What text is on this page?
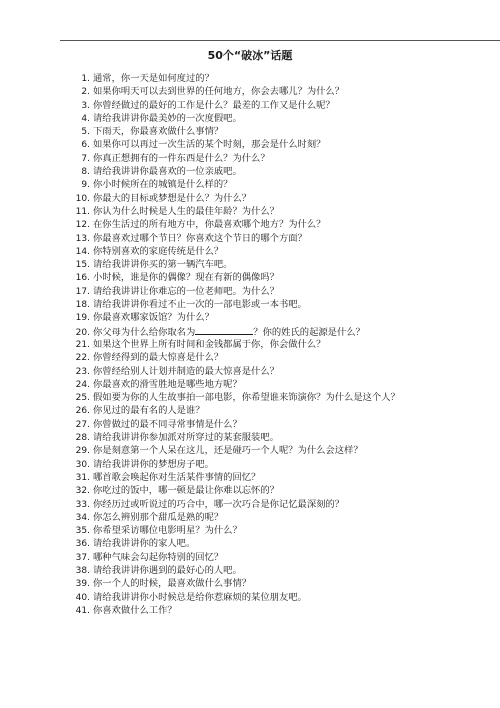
50个“破冰”话题
1. 通常，你一天是如何度过的？
2. 如果你明天可以去到世界的任何地方，你会去哪儿？为什么？
3. 你曾经做过的最好的工作是什么？最差的工作又是什么呢？
4. 请给我讲讲你最美妙的一次度假吧。
5. 下雨天，你最喜欢做什么事情？
6. 如果你可以再过一次生活的某个时刻，那会是什么时刻？
7. 你真正想拥有的一件东西是什么？为什么？
8. 请给我讲讲你最喜欢的一位亲戚吧。
9. 你小时候所在的城镇是什么样的？
10. 你最大的目标或梦想是什么？为什么？
11. 你认为什么时候是人生的最佳年龄？为什么？
12. 在你生活过的所有地方中，你最喜欢哪个地方？为什么？
13. 你最喜欢过哪个节日？你喜欢这个节日的哪个方面？
14. 你特别喜欢的家庭传统是什么？
15. 请给我讲讲你买的第一辆汽车吧。
16. 小时候，谁是你的偶像？现在有新的偶像吗？
17. 请给我讲讲让你难忘的一位老师吧。为什么？
18. 请给我讲讲你看过不止一次的一部电影或一本书吧。
19. 你最喜欢哪家饭馆？为什么？
20. 你父母为什么给你取名为	？你的姓氏的起源是什么？
21. 如果这个世界上所有时间和金钱都属于你，你会做什么？
22. 你曾经得到的最大惊喜是什么？
23. 你曾经给别人计划并制造的最大惊喜是什么？
24. 你最喜欢的滑雪胜地是哪些地方呢？
25. 假如要为你的人生故事拍一部电影，你希望谁来饰演你？为什么是这个人？
26. 你见过的最有名的人是谁？
27. 你曾做过的最不同寻常事情是什么？
28. 请给我讲讲你参加派对所穿过的某套服装吧。
29. 你是刻意第一个人呆在这儿，还是碰巧一个人呢？为什么会这样？
30. 请给我讲讲你的梦想房子吧。
31. 哪首歌会唤起你对生活某件事情的回忆？
32. 你吃过的饭中，哪一顿是最让你难以忘怀的？
33. 你经历过或听说过的巧合中，哪一次巧合是你记忆最深刻的？
34. 你怎么辨别那个甜瓜是熟的呢？
35. 你希望采访哪位电影明星？为什么？
36. 请给我讲讲你的家人吧。
37. 哪种气味会勾起你特别的回忆？
38. 请给我讲讲你遇到的最好心的人吧。
39. 你一个人的时候，最喜欢做什么事情？
40. 请给我讲讲你小时候总是给你惹麻烦的某位朋友吧。
41. 你喜欢做什么工作？
